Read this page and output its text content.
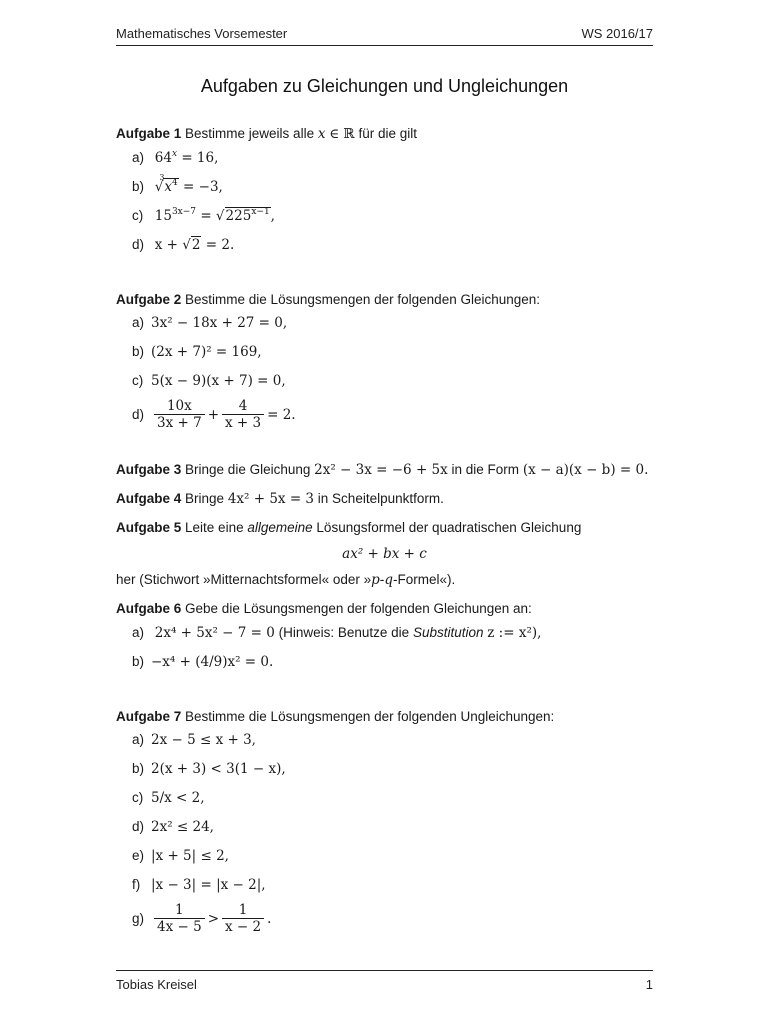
Mathematisches Vorsemester	WS 2016/17
Aufgaben zu Gleichungen und Ungleichungen
Aufgabe 1 Bestimme jeweils alle x ∈ ℝ für die gilt
a) $64^x = 16$,
b) √
3
$x^4 = -3$,
c) $15^{3x-7} = √225^{x-1}$,
d) x + √2 = 2.
Aufgabe 2 Bestimme die Lösungsmengen der folgenden Gleichungen:
a) 3x² − 18x + 27 = 0,
b) (2x + 7)² = 169,
c) 5(x − 9)(x + 7) = 0,
$d) \frac{10x}{3x + 7} + \frac{4}{x + 3} = 2$.
Aufgabe 3 Bringe die Gleichung 2x² − 3x = −6 + 5x in die Form (x − a)(x − b) = 0.
Aufgabe 4 Bringe 4x² + 5x = 3 in Scheitelpunktform.
Aufgabe 5 Leite eine allgemeine Lösungsformel der quadratischen Gleichung
ax² + bx + c
her (Stichwort »Mitternachtsformel« oder »p-q-Formel«).
Aufgabe 6 Gebe die Lösungsmengen der folgenden Gleichungen an:
a) 2x⁴ + 5x² − 7 = 0 (Hinweis: Benutze die Substitution z := x²),
b) −x⁴ + (4/9)x² = 0.
Aufgabe 7 Bestimme die Lösungsmengen der folgenden Ungleichungen:
a) 2x − 5 ≤ x + 3,
b) 2(x + 3) < 3(1 − x),
c) 5/x < 2,
d) 2x² ≤ 24,
e) |x + 5| ≤ 2,
f) |x − 3| = |x − 2|,
$g) \frac{1}{4x - 5} > \frac{1}{x - 2}$ .
Tobias Kreisel	1
